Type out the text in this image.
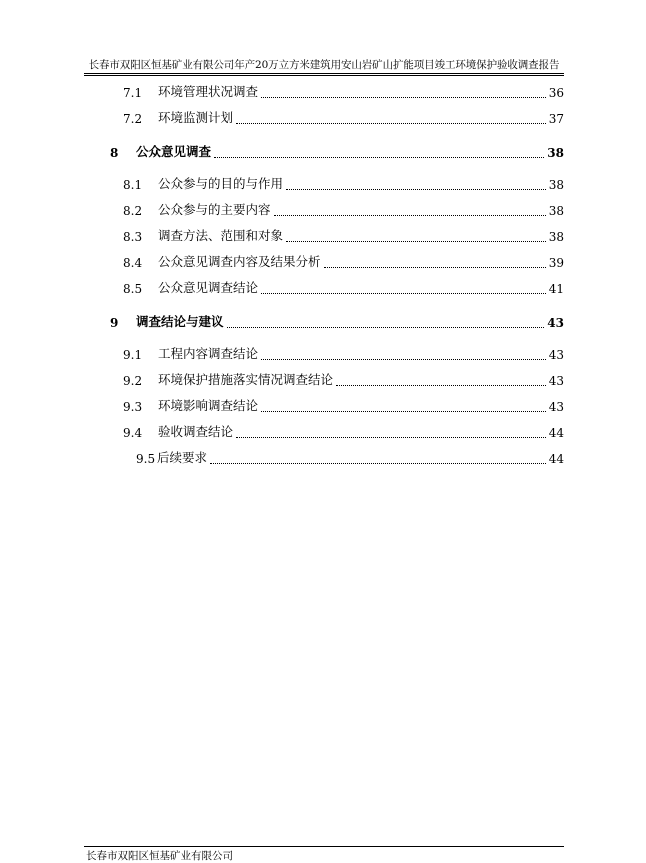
长春市双阳区恒基矿业有限公司年产20万立方米建筑用安山岩矿山扩能项目竣工环境保护验收调查报告
7.1 环境管理状况调查	36
7.2 环境监测计划	37
8 公众意见调查	38
8.1 公众参与的目的与作用	38
8.2 公众参与的主要内容	38
8.3 调查方法、范围和对象	38
8.4 公众意见调查内容及结果分析	39
8.5 公众意见调查结论	41
9 调查结论与建议	43
9.1 工程内容调查结论	43
9.2 环境保护措施落实情况调查结论	43
9.3 环境影响调查结论	43
9.4 验收调查结论	44
9.5 后续要求	44
长春市双阳区恒基矿业有限公司
